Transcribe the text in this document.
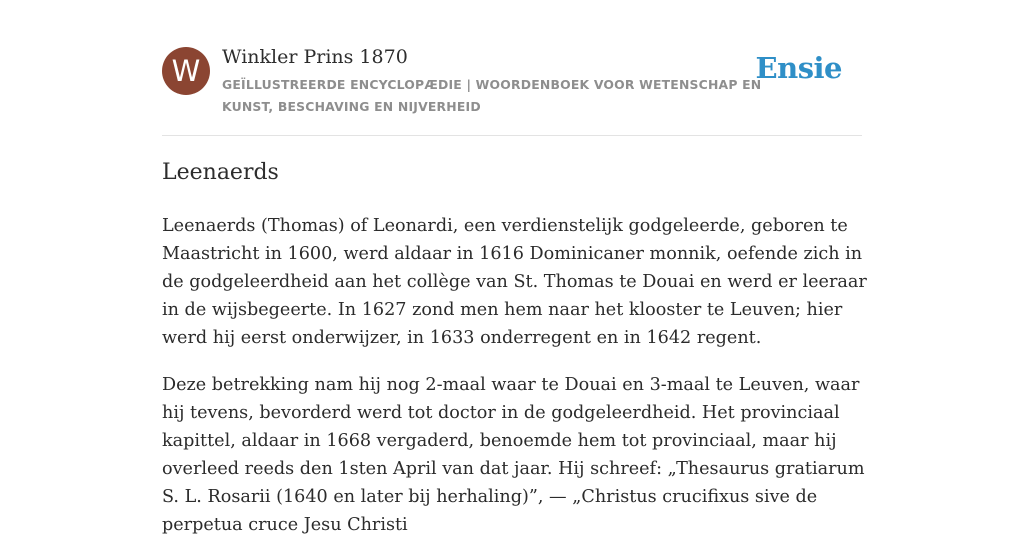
W	Winkler Prins 1870
GEÏLLUSTREERDE ENCYCLOPÆDIE | WOORDENBOEK VOOR WETENSCHAP EN KUNST, BESCHAVING EN NIJVERHEID
Ensie
Leenaerds

Leenaerds (Thomas) of Leonardi, een verdienstelijk godgeleerde, geboren te Maastricht in 1600, werd aldaar in 1616 Dominicaner monnik, oefende zich in de godgeleerdheid aan het collège van St. Thomas te Douai en werd er leeraar in de wijsbegeerte. In 1627 zond men hem naar het klooster te Leuven; hier werd hij eerst onderwijzer, in 1633 onderregent en in 1642 regent.

Deze betrekking nam hij nog 2-maal waar te Douai en 3-maal te Leuven, waar hij tevens, bevorderd werd tot doctor in de godgeleerdheid. Het provinciaal kapittel, aldaar in 1668 vergaderd, benoemde hem tot provinciaal, maar hij overleed reeds den 1sten April van dat jaar. Hij schreef: „Thesaurus gratiarum S. L. Rosarii (1640 en later bij herhaling)”, — „Christus crucifixus sive de perpetua cruce Jesu Christi
